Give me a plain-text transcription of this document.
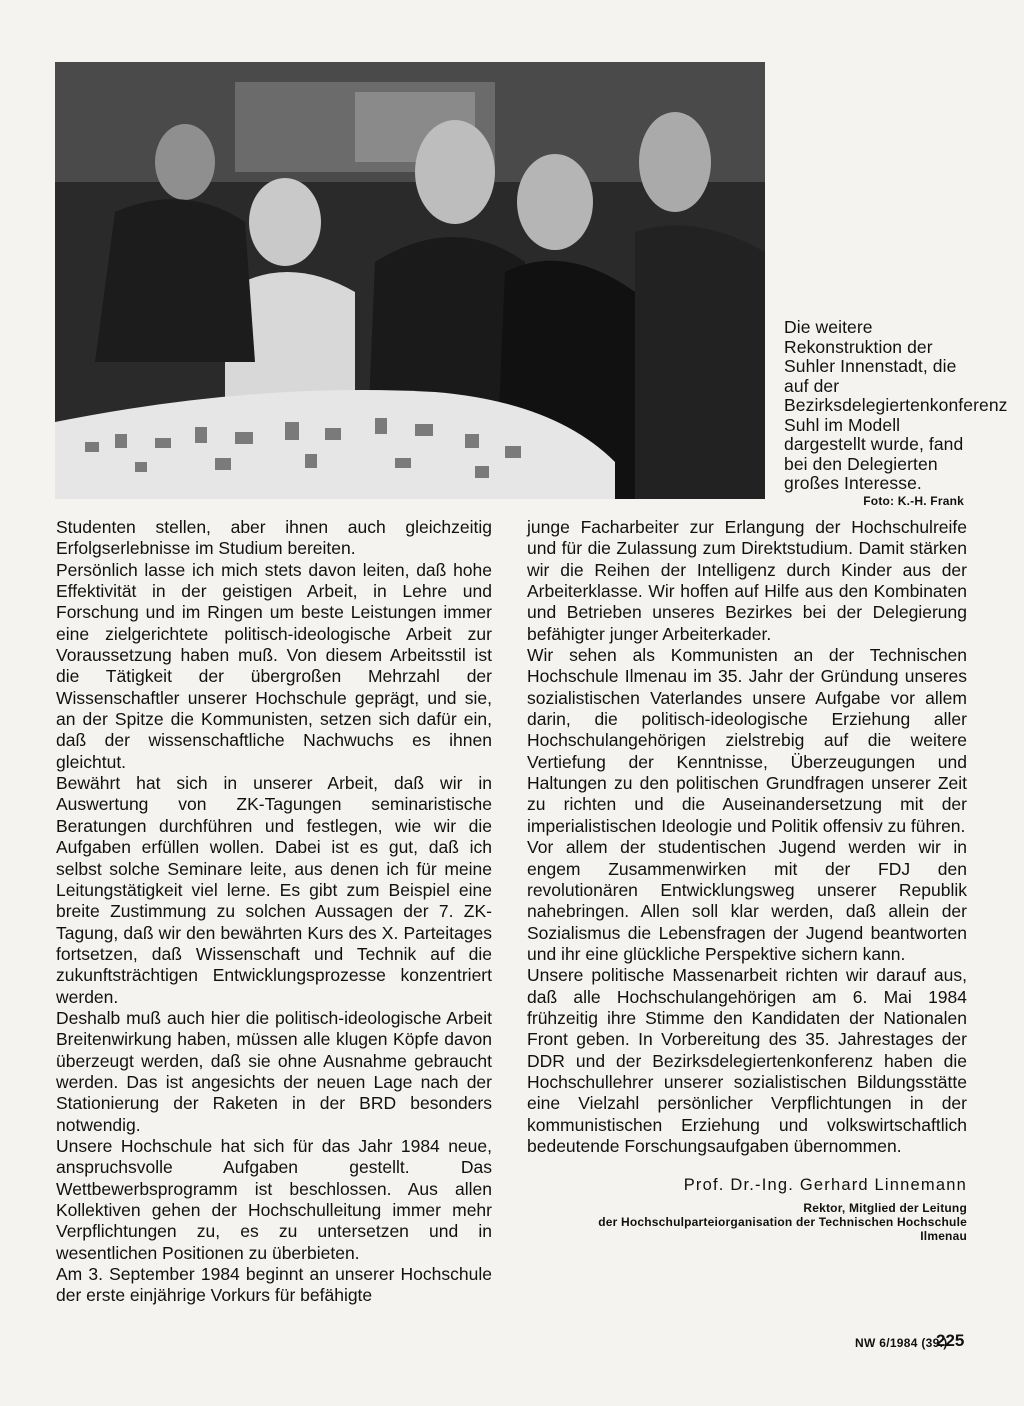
Die weitere Rekonstruktion der Suhler Innenstadt, die auf der Bezirksdelegiertenkonferenz Suhl im Modell dargestellt wurde, fand bei den Delegierten großes Interesse.

Foto: K.-H. Frank

Studenten stellen, aber ihnen auch gleichzeitig Erfolgserlebnisse im Studium bereiten.

Persönlich lasse ich mich stets davon leiten, daß hohe Effektivität in der geistigen Arbeit, in Lehre und Forschung und im Ringen um beste Leistungen immer eine zielgerichtete politisch-ideologische Arbeit zur Voraussetzung haben muß. Von diesem Arbeitsstil ist die Tätigkeit der übergroßen Mehrzahl der Wissenschaftler unserer Hochschule geprägt, und sie, an der Spitze die Kommunisten, setzen sich dafür ein, daß der wissenschaftliche Nachwuchs es ihnen gleichtut.

Bewährt hat sich in unserer Arbeit, daß wir in Auswertung von ZK-Tagungen seminaristische Beratungen durchführen und festlegen, wie wir die Aufgaben erfüllen wollen. Dabei ist es gut, daß ich selbst solche Seminare leite, aus denen ich für meine Leitungstätigkeit viel lerne. Es gibt zum Beispiel eine breite Zustimmung zu solchen Aussagen der 7. ZK-Tagung, daß wir den bewährten Kurs des X. Parteitages fortsetzen, daß Wissenschaft und Technik auf die zukunftsträchtigen Entwicklungsprozesse konzentriert werden.

Deshalb muß auch hier die politisch-ideologische Arbeit Breitenwirkung haben, müssen alle klugen Köpfe davon überzeugt werden, daß sie ohne Ausnahme gebraucht werden. Das ist angesichts der neuen Lage nach der Stationierung der Raketen in der BRD besonders notwendig.

Unsere Hochschule hat sich für das Jahr 1984 neue, anspruchsvolle Aufgaben gestellt. Das Wettbewerbsprogramm ist beschlossen. Aus allen Kollektiven gehen der Hochschulleitung immer mehr Verpflichtungen zu, es zu untersetzen und in wesentlichen Positionen zu überbieten.

Am 3. September 1984 beginnt an unserer Hochschule der erste einjährige Vorkurs für befähigte

junge Facharbeiter zur Erlangung der Hochschulreife und für die Zulassung zum Direktstudium. Damit stärken wir die Reihen der Intelligenz durch Kinder aus der Arbeiterklasse. Wir hoffen auf Hilfe aus den Kombinaten und Betrieben unseres Bezirkes bei der Delegierung befähigter junger Arbeiterkader.

Wir sehen als Kommunisten an der Technischen Hochschule Ilmenau im 35. Jahr der Gründung unseres sozialistischen Vaterlandes unsere Aufgabe vor allem darin, die politisch-ideologische Erziehung aller Hochschulangehörigen zielstrebig auf die weitere Vertiefung der Kenntnisse, Überzeugungen und Haltungen zu den politischen Grundfragen unserer Zeit zu richten und die Auseinandersetzung mit der imperialistischen Ideologie und Politik offensiv zu führen.

Vor allem der studentischen Jugend werden wir in engem Zusammenwirken mit der FDJ den revolutionären Entwicklungsweg unserer Republik nahebringen. Allen soll klar werden, daß allein der Sozialismus die Lebensfragen der Jugend beantworten und ihr eine glückliche Perspektive sichern kann.

Unsere politische Massenarbeit richten wir darauf aus, daß alle Hochschulangehörigen am 6. Mai 1984 frühzeitig ihre Stimme den Kandidaten der Nationalen Front geben. In Vorbereitung des 35. Jahrestages der DDR und der Bezirksdelegiertenkonferenz haben die Hochschullehrer unserer sozialistischen Bildungsstätte eine Vielzahl persönlicher Verpflichtungen in der kommunistischen Erziehung und volkswirtschaftlich bedeutende Forschungsaufgaben übernommen.

Prof. Dr.-Ing. Gerhard Linnemann

Rektor, Mitglied der Leitung
der Hochschulparteiorganisation der Technischen Hochschule
Ilmenau
NW 6/1984 (39.)
225
